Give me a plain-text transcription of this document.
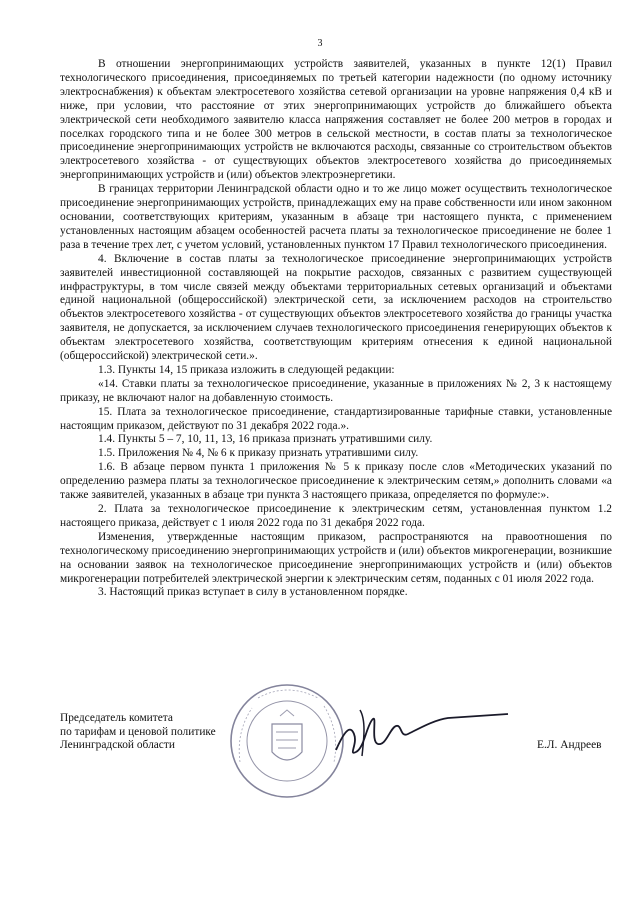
3

В отношении энергопринимающих устройств заявителей, указанных в пункте 12(1) Правил технологического присоединения, присоединяемых по третьей категории надежности (по одному источнику электроснабжения) к объектам электросетевого хозяйства сетевой организации на уровне напряжения 0,4 кВ и ниже, при условии, что расстояние от этих энергопринимающих устройств до ближайшего объекта электрической сети необходимого заявителю класса напряжения составляет не более 200 метров в городах и поселках городского типа и не более 300 метров в сельской местности, в состав платы за технологическое присоединение энергопринимающих устройств не включаются расходы, связанные со строительством объектов электросетевого хозяйства - от существующих объектов электросетевого хозяйства до присоединяемых энергопринимающих устройств и (или) объектов электроэнергетики.

В границах территории Ленинградской области одно и то же лицо может осуществить технологическое присоединение энергопринимающих устройств, принадлежащих ему на праве собственности или ином законном основании, соответствующих критериям, указанным в абзаце три настоящего пункта, с применением установленных настоящим абзацем особенностей расчета платы за технологическое присоединение не более 1 раза в течение трех лет, с учетом условий, установленных пунктом 17 Правил технологического присоединения.

4. Включение в состав платы за технологическое присоединение энергопринимающих устройств заявителей инвестиционной составляющей на покрытие расходов, связанных с развитием существующей инфраструктуры, в том числе связей между объектами территориальных сетевых организаций и объектами единой национальной (общероссийской) электрической сети, за исключением расходов на строительство объектов электросетевого хозяйства - от существующих объектов электросетевого хозяйства до границы участка заявителя, не допускается, за исключением случаев технологического присоединения генерирующих объектов к объектам электросетевого хозяйства, соответствующим критериям отнесения к единой национальной (общероссийской) электрической сети.».

1.3. Пункты 14, 15 приказа изложить в следующей редакции:

«14. Ставки платы за технологическое присоединение, указанные в приложениях № 2, 3 к настоящему приказу, не включают налог на добавленную стоимость.

15. Плата за технологическое присоединение, стандартизированные тарифные ставки, установленные настоящим приказом, действуют по 31 декабря 2022 года.».

1.4. Пункты 5 – 7, 10, 11, 13, 16 приказа признать утратившими силу.

1.5. Приложения № 4, № 6 к приказу признать утратившими силу.

1.6. В абзаце первом пункта 1 приложения № 5 к приказу после слов «Методических указаний по определению размера платы за технологическое присоединение к электрическим сетям,» дополнить словами «а также заявителей, указанных в абзаце три пункта 3 настоящего приказа, определяется по формуле:».

2. Плата за технологическое присоединение к электрическим сетям, установленная пунктом 1.2 настоящего приказа, действует с 1 июля 2022 года по 31 декабря 2022 года.

Изменения, утвержденные настоящим приказом, распространяются на правоотношения по технологическому присоединению энергопринимающих устройств и (или) объектов микрогенерации, возникшие на основании заявок на технологическое присоединение энергопринимающих устройств и (или) объектов микрогенерации потребителей электрической энергии к электрическим сетям, поданных с 01 июля 2022 года.

3. Настоящий приказ вступает в силу в установленном порядке.

Председатель комитета
по тарифам и ценовой политике
Ленинградской области	Е.Л. Андреев
